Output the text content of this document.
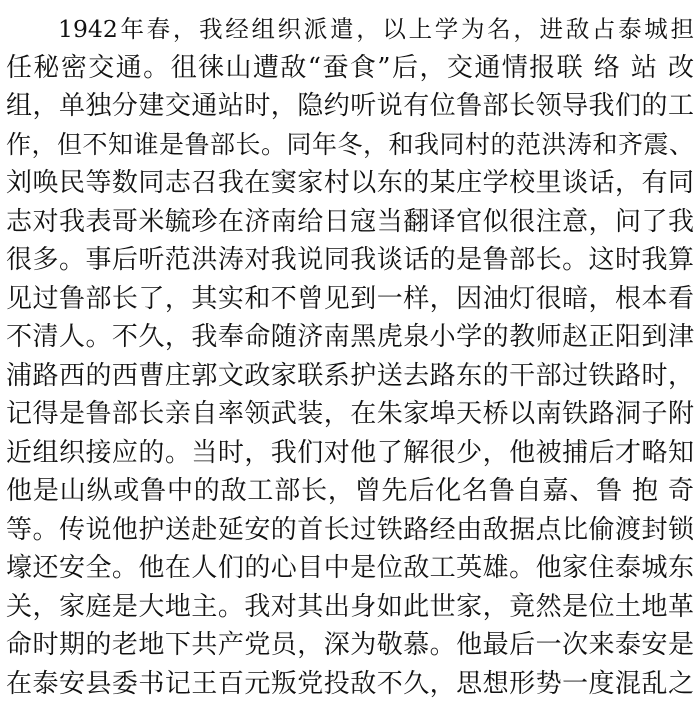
1942年春，我经组织派遣，以上学为名，进敌占泰城担
任秘密交通。徂徕山遭敌“蚕食”后，交通情报联 络 站 改
组，单独分建交通站时，隐约听说有位鲁部长领导我们的工
作，但不知谁是鲁部长。同年冬，和我同村的范洪涛和齐震、
刘唤民等数同志召我在窦家村以东的某庄学校里谈话，有同
志对我表哥米毓珍在济南给日寇当翻译官似很注意，问了我
很多。事后听范洪涛对我说同我谈话的是鲁部长。这时我算
见过鲁部长了，其实和不曾见到一样，因油灯很暗，根本看
不清人。不久，我奉命随济南黑虎泉小学的教师赵正阳到津
浦路西的西曹庄郭文政家联系护送去路东的干部过铁路时，
记得是鲁部长亲自率领武装，在朱家埠天桥以南铁路洞子附
近组织接应的。当时，我们对他了解很少，他被捕后才略知
他是山纵或鲁中的敌工部长，曾先后化名鲁自嘉、鲁 抱 奇
等。传说他护送赴延安的首长过铁路经由敌据点比偷渡封锁
壕还安全。他在人们的心目中是位敌工英雄。他家住泰城东
关，家庭是大地主。我对其出身如此世家，竟然是位土地革
命时期的老地下共产党员，深为敬慕。他最后一次来泰安是
在泰安县委书记王百元叛党投敌不久，思想形势一度混乱之
